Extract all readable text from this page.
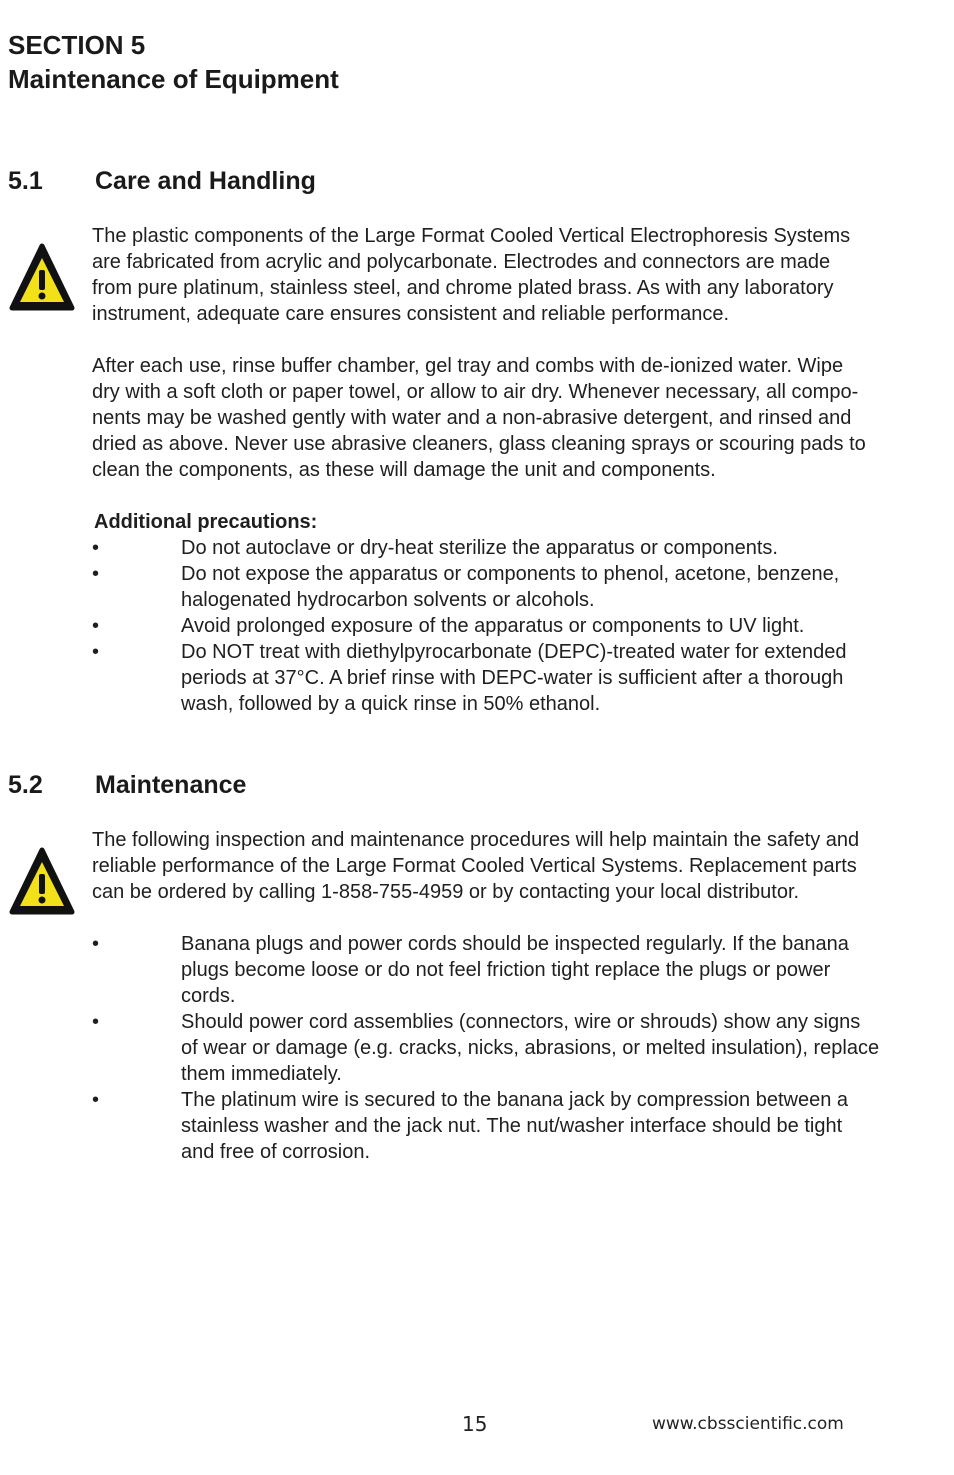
SECTION 5
Maintenance of Equipment
5.1 Care and Handling

The plastic components of the Large Format Cooled Vertical Electrophoresis Systems
are fabricated from acrylic and polycarbonate. Electrodes and connectors are made
from pure platinum, stainless steel, and chrome plated brass. As with any laboratory
instrument, adequate care ensures consistent and reliable performance.

After each use, rinse buffer chamber, gel tray and combs with de-ionized water. Wipe
dry with a soft cloth or paper towel, or allow to air dry. Whenever necessary, all compo-
nents may be washed gently with water and a non-abrasive detergent, and rinsed and
dried as above. Never use abrasive cleaners, glass cleaning sprays or scouring pads to
clean the components, as these will damage the unit and components.

Additional precautions:
•	Do not autoclave or dry-heat sterilize the apparatus or components.
•	Do not expose the apparatus or components to phenol, acetone, benzene,
halogenated hydrocarbon solvents or alcohols.
•	Avoid prolonged exposure of the apparatus or components to UV light.
•	Do NOT treat with diethylpyrocarbonate (DEPC)-treated water for extended
periods at 37°C. A brief rinse with DEPC-water is sufficient after a thorough
wash, followed by a quick rinse in 50% ethanol.
5.2 Maintenance

The following inspection and maintenance procedures will help maintain the safety and
reliable performance of the Large Format Cooled Vertical Systems. Replacement parts
can be ordered by calling 1-858-755-4959 or by contacting your local distributor.

•	Banana plugs and power cords should be inspected regularly. If the banana
plugs become loose or do not feel friction tight replace the plugs or power
cords.
•	Should power cord assemblies (connectors, wire or shrouds) show any signs
of wear or damage (e.g. cracks, nicks, abrasions, or melted insulation), replace
them immediately.
•	The platinum wire is secured to the banana jack by compression between a
stainless washer and the jack nut. The nut/washer interface should be tight
and free of corrosion.
15	www.cbsscientific.com
